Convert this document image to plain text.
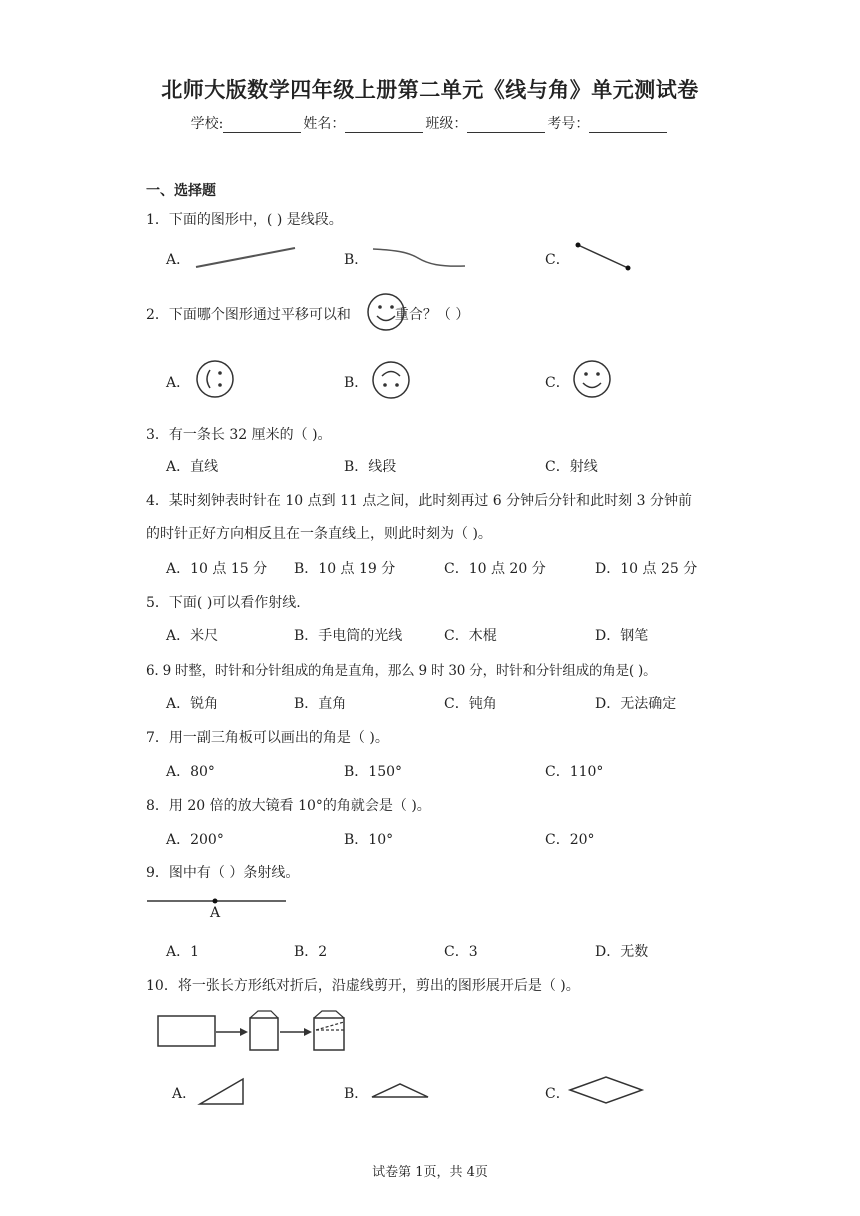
北师大版数学四年级上册第二单元《线与角》单元测试卷
学校:	姓名：	班级：	考号：
一、选择题
1．下面的图形中，( ) 是线段。
A．	B．	C．
2．下面哪个图形通过平移可以和	重合？（ ）
A．	B．	C．
3．有一条长 32 厘米的（ )。
A．直线	B．线段	C．射线
4．某时刻钟表时针在 10 点到 11 点之间，此时刻再过 6 分钟后分针和此时刻 3 分钟前
的时针正好方向相反且在一条直线上，则此时刻为（ )。
A．10 点 15 分 B．10 点 19 分	C．10 点 20 分	D．10 点 25 分
5．下面( )可以看作射线.
A．米尺	B．手电筒的光线	C．木棍	D．钢笔
6. 9 时整，时针和分针组成的角是直角，那么 9 时 30 分，时针和分针组成的角是( )。
A．锐角	B．直角	C．钝角	D．无法确定
7．用一副三角板可以画出的角是（ )。
A．80°	B．150°	C．110°
8．用 20 倍的放大镜看 10°的角就会是（ )。
A．200°	B．10°	C．20°
9．图中有（ ）条射线。
A
A．1	B．2	C．3	D．无数
10．将一张长方形纸对折后，沿虚线剪开，剪出的图形展开后是（ )。
A．	B．	C．
试卷第 1页，共 4页
